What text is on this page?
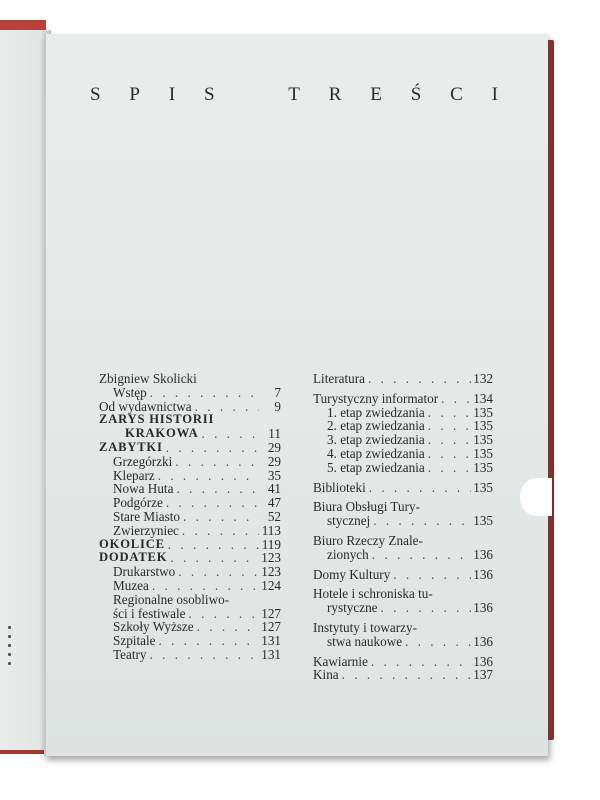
S P I S	T R E Ś C I
Zbigniew Skolicki
Wstęp . . .	7
Od wydawnictwa . . .	9
ZARYS HISTORII
KRAKOWA . . .	11
ZABYTKI . . .	29
Grzegórzki . . .	29
Kleparz . . .	35
Nowa Huta . . .	41
Podgórze . . .	47
Stare Miasto . . .	52
Zwierzyniec . . .	113
OKOLICE . . .	119
DODATEK . . .	123
Drukarstwo . . .	123
Muzea . . .	124
Regionalne osobliwo-
ści i festiwale . . .	127
Szkoły Wyższe . . .	127
Szpitale . . .	131
Teatry . . .	131
Literatura . . .	132
Turystyczny informator . . .	134
1. etap zwiedzania . . .	135
2. etap zwiedzania . . .	135
3. etap zwiedzania . . .	135
4. etap zwiedzania . . .	135
5. etap zwiedzania . . .	135
Biblioteki . . .	135
Biura Obsługi Tury-
stycznej . . .	135
Biuro Rzeczy Znale-
zionych . . .	136
Domy Kultury . . .	136
Hotele i schroniska tu-
rystyczne . . .	136
Instytuty i towarzy-
stwa naukowe . . .	136
Kawiarnie . . .	136
Kina . . .	137
